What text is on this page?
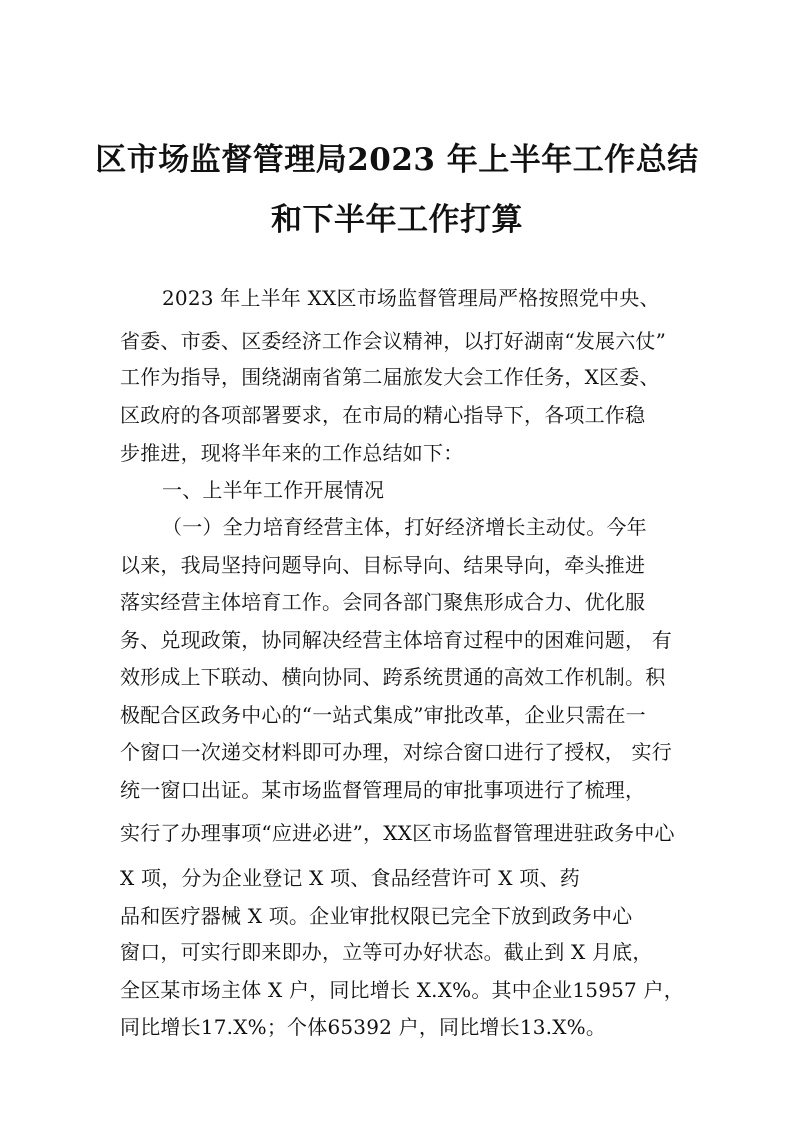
区市场监督管理局2023 年上半年工作总结
和下半年工作打算
2023 年上半年 XX区市场监督管理局严格按照党中央、
省委、市委、区委经济工作会议精神，以打好湖南“发展六仗”
工作为指导，围绕湖南省第二届旅发大会工作任务，X区委、
区政府的各项部署要求，在市局的精心指导下，各项工作稳
步推进，现将半年来的工作总结如下：
一、上半年工作开展情况
（一）全力培育经营主体，打好经济增长主动仗。今年
以来，我局坚持问题导向、目标导向、结果导向，牵头推进
落实经营主体培育工作。会同各部门聚焦形成合力、优化服
务、兑现政策，协同解决经营主体培育过程中的困难问题， 有
效形成上下联动、横向协同、跨系统贯通的高效工作机制。积
极配合区政务中心的“一站式集成”审批改革，企业只需在一
个窗口一次递交材料即可办理，对综合窗口进行了授权， 实行
统一窗口出证。某市场监督管理局的审批事项进行了梳理，
实行了办理事项“应进必进”，XX区市场监督管理进驻政务中心
X 项，分为企业登记 X 项、食品经营许可 X 项、药
品和医疗器械 X 项。企业审批权限已完全下放到政务中心
窗口，可实行即来即办，立等可办好状态。截止到 X 月底，
全区某市场主体 X 户，同比增长 X.X%。其中企业15957 户，
同比增长17.X%；个体65392 户，同比增长13.X%。
